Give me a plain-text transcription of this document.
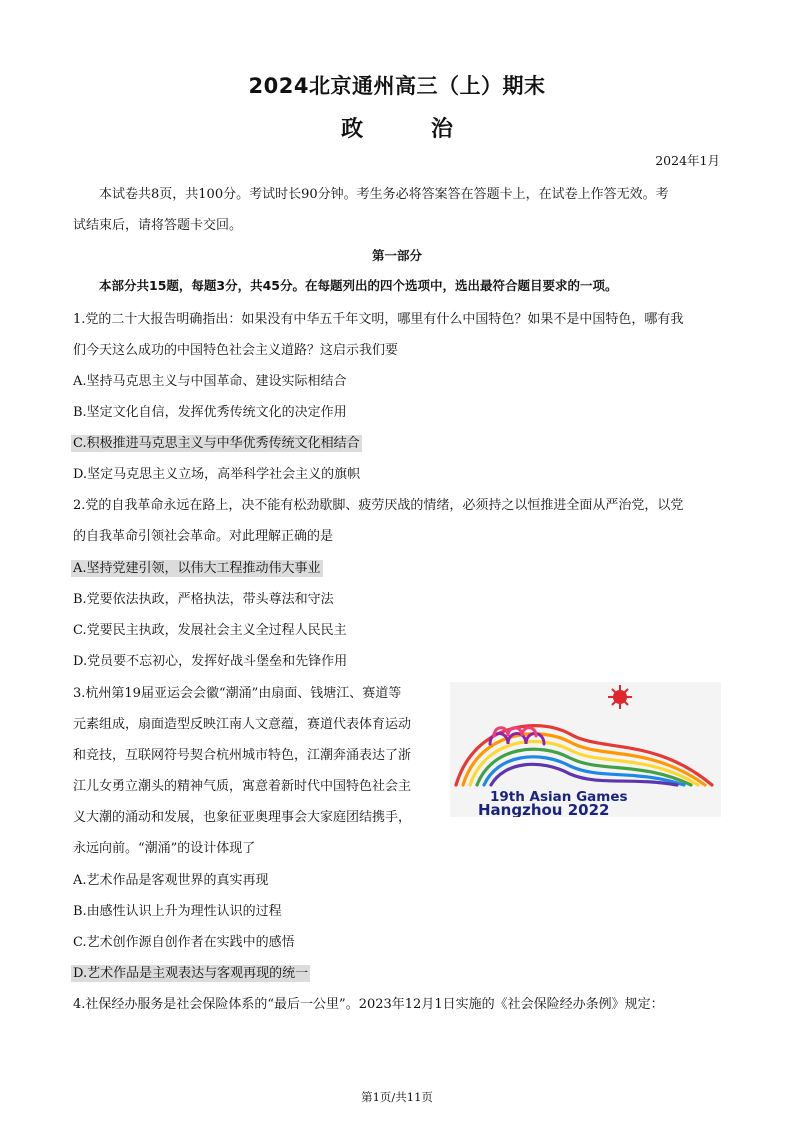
2024北京通州高三（上）期末
政 治
2024年1月
本试卷共8页，共100分。考试时长90分钟。考生务必将答案答在答题卡上，在试卷上作答无效。考
试结束后，请将答题卡交回。
第一部分
本部分共15题，每题3分，共45分。在每题列出的四个选项中，选出最符合题目要求的一项。
1.党的二十大报告明确指出：如果没有中华五千年文明，哪里有什么中国特色？如果不是中国特色，哪有我
们今天这么成功的中国特色社会主义道路？这启示我们要
A.坚持马克思主义与中国革命、建设实际相结合
B.坚定文化自信，发挥优秀传统文化的决定作用
C.积极推进马克思主义与中华优秀传统文化相结合
D.坚定马克思主义立场，高举科学社会主义的旗帜
2.党的自我革命永远在路上，决不能有松劲歇脚、疲劳厌战的情绪，必须持之以恒推进全面从严治党，以党
的自我革命引领社会革命。对此理解正确的是
A.坚持党建引领，以伟大工程推动伟大事业
B.党要依法执政，严格执法，带头尊法和守法
C.党要民主执政，发展社会主义全过程人民民主
D.党员要不忘初心，发挥好战斗堡垒和先锋作用
3.杭州第19届亚运会会徽“潮涌”由扇面、钱塘江、赛道等
元素组成，扇面造型反映江南人文意蕴，赛道代表体育运动
和竞技，互联网符号契合杭州城市特色，江潮奔涌表达了浙
江儿女勇立潮头的精神气质，寓意着新时代中国特色社会主
义大潮的涌动和发展，也象征亚奥理事会大家庭团结携手，
永远向前。“潮涌”的设计体现了
A.艺术作品是客观世界的真实再现
B.由感性认识上升为理性认识的过程
C.艺术创作源自创作者在实践中的感悟
D.艺术作品是主观表达与客观再现的统一
19th Asian Games
Hangzhou 2022
4.社保经办服务是社会保险体系的“最后一公里”。2023年12月1日实施的《社会保险经办条例》规定：
第1页/共11页
